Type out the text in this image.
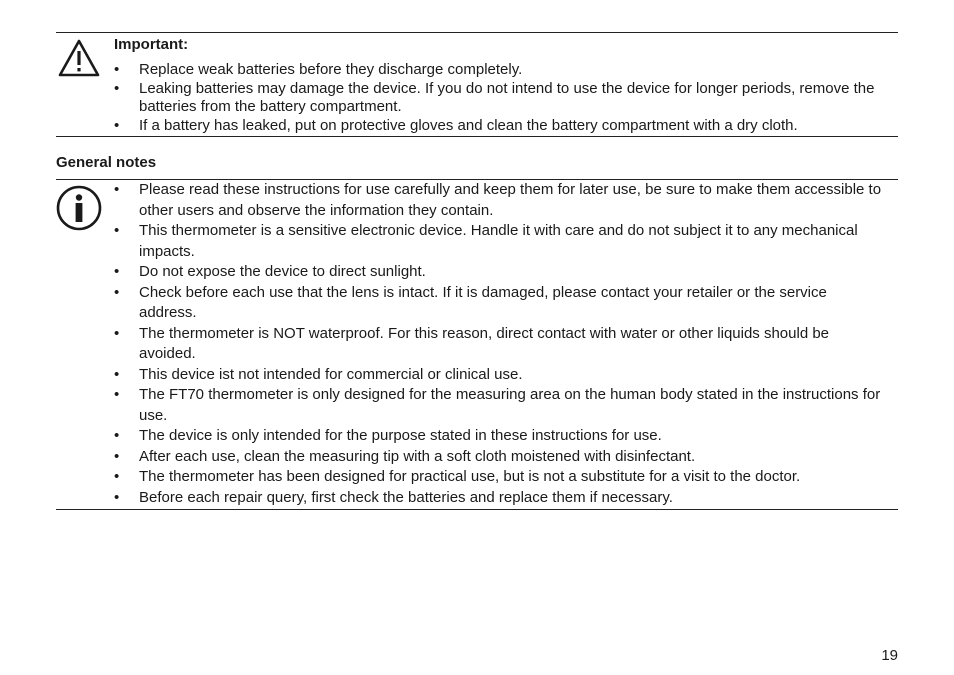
Important:
• Replace weak batteries before they discharge completely.
• Leaking batteries may damage the device. If you do not intend to use the device for longer periods, remove the batteries from the battery compartment.
• If a battery has leaked, put on protective gloves and clean the battery compartment with a dry cloth.
General notes
• Please read these instructions for use carefully and keep them for later use, be sure to make them accessible to other users and observe the information they contain.
• This thermometer is a sensitive electronic device. Handle it with care and do not subject it to any mechanical impacts.
• Do not expose the device to direct sunlight.
• Check before each use that the lens is intact. If it is damaged, please contact your retailer or the service address.
• The thermometer is NOT waterproof. For this reason, direct contact with water or other liquids should be avoided.
• This device ist not intended for commercial or clinical use.
• The FT70 thermometer is only designed for the measuring area on the human body stated in the instructions for use.
• The device is only intended for the purpose stated in these instructions for use.
• After each use, clean the measuring tip with a soft cloth moistened with disinfectant.
• The thermometer has been designed for practical use, but is not a substitute for a visit to the doctor.
• Before each repair query, first check the batteries and replace them if necessary.
19
